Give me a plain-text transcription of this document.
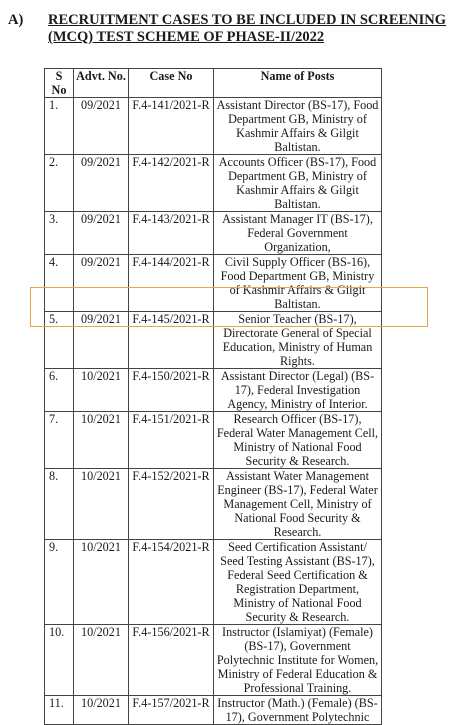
A) RECRUITMENT CASES TO BE INCLUDED IN SCREENING (MCQ) TEST SCHEME OF PHASE-II/2022
S No	Advt. No.	Case No	Name of Posts
1.	09/2021	F.4-141/2021-R	Assistant Director (BS-17), Food Department GB, Ministry of Kashmir Affairs & Gilgit Baltistan.
2.	09/2021	F.4-142/2021-R	Accounts Officer (BS-17), Food Department GB, Ministry of Kashmir Affairs & Gilgit Baltistan.
3.	09/2021	F.4-143/2021-R	Assistant Manager IT (BS-17), Federal Government Organization,
4.	09/2021	F.4-144/2021-R	Civil Supply Officer (BS-16), Food Department GB, Ministry of Kashmir Affairs & Gilgit Baltistan.
5.	09/2021	F.4-145/2021-R	Senior Teacher (BS-17), Directorate General of Special Education, Ministry of Human Rights.
6.	10/2021	F.4-150/2021-R	Assistant Director (Legal) (BS-17), Federal Investigation Agency, Ministry of Interior.
7.	10/2021	F.4-151/2021-R	Research Officer (BS-17), Federal Water Management Cell, Ministry of National Food Security & Research.
8.	10/2021	F.4-152/2021-R	Assistant Water Management Engineer (BS-17), Federal Water Management Cell, Ministry of National Food Security & Research.
9.	10/2021	F.4-154/2021-R	Seed Certification Assistant/ Seed Testing Assistant (BS-17), Federal Seed Certification & Registration Department, Ministry of National Food Security & Research.
10.	10/2021	F.4-156/2021-R	Instructor (Islamiyat) (Female) (BS-17), Government Polytechnic Institute for Women, Ministry of Federal Education & Professional Training.
11.	10/2021	F.4-157/2021-R	Instructor (Math.) (Female) (BS-17), Government Polytechnic
